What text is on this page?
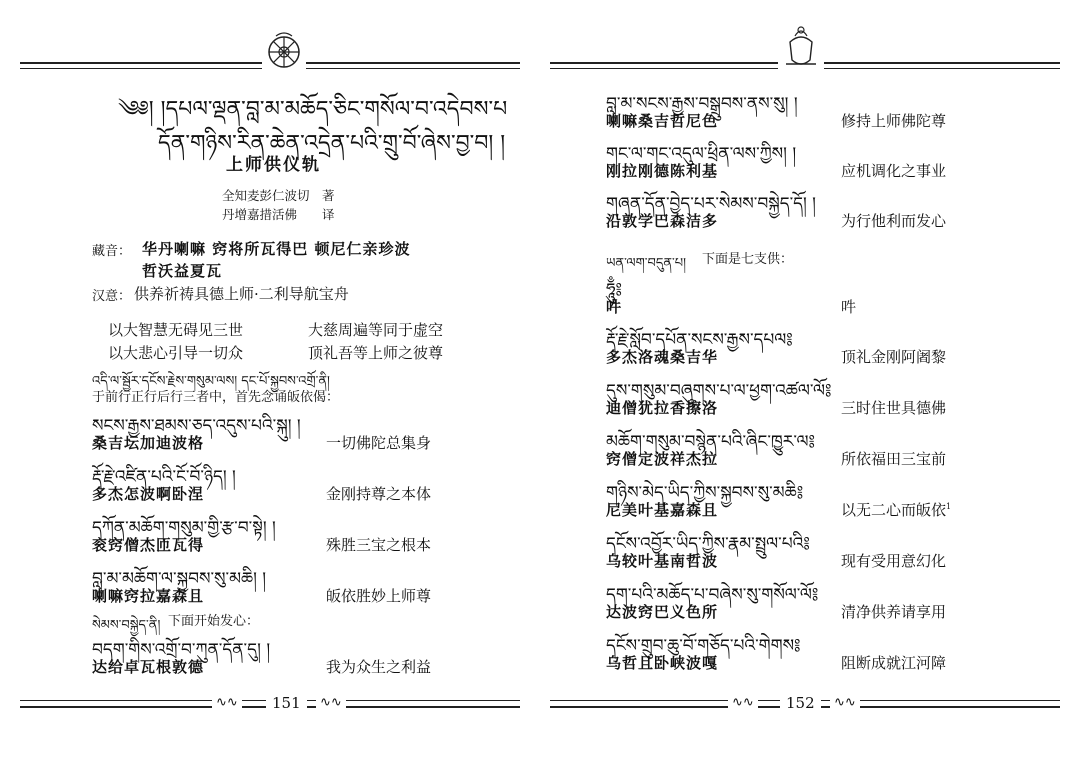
༄༅། །དཔལ་ལྡན་བླ་མ་མཆོད་ཅིང་གསོལ་བ་འདེབས་པ
དོན་གཉིས་རིན་ཆེན་འདྲེན་པའི་གྲུ་བོ་ཞེས་བྱ་བ། །
上师供仪轨
全知麦彭仁波切　著
丹增嘉措活佛　　译
藏音： 华丹喇嘛 窍将所瓦得巴 顿尼仁亲珍波
哲沃益夏瓦
汉意： 供养祈祷具德上师·二利导航宝舟
以大智慧无碍见三世	大慈周遍等同于虚空
以大悲心引导一切众	顶礼吾等上师之彼尊
འདི་ལ་སྦྱོར་དངོས་རྗེས་གསུམ་ལས། དང་པོ་སྐྱབས་འགྲོ་ནི།
于前行正行后行三者中，首先念诵皈依偈：
སངས་རྒྱས་ཐམས་ཅད་འདུས་པའི་སྐུ། །
桑吉坛加迪波格	一切佛陀总集身
རྡོ་རྗེ་འཛིན་པའི་ངོ་བོ་ཉིད། །
多杰怎波啊卧涅	金刚持尊之本体
དཀོན་མཆོག་གསུམ་གྱི་རྩ་བ་སྟེ། །
衮窍僧杰匝瓦得	殊胜三宝之根本
བླ་མ་མཆོག་ལ་སྐྱབས་སུ་མཆི། །
喇嘛窍拉嘉森且	皈依胜妙上师尊
སེམས་བསྐྱེད་ནི། 下面开始发心：
བདག་གིས་འགྲོ་བ་ཀུན་དོན་དུ། །
达给卓瓦根敦德	我为众生之利益
∿∿	151	∿∿
བླ་མ་སངས་རྒྱས་བསྒྲུབས་ནས་སུ། །
喇嘛桑吉哲尼色	修持上师佛陀尊
གང་ལ་གང་འདུལ་ཕྲིན་ལས་ཀྱིས། །
刚拉刚德陈利基	应机调化之事业
གཞན་དོན་བྱེད་པར་སེམས་བསྐྱེད་དོ། །
沿敦学巴森洁多	为行他利而发心
ཡན་ལག་བདུན་པ། 下面是七支供：
ཧཱུྃ༔
吽	吽
རྡོ་རྗེ་སློབ་དཔོན་སངས་རྒྱས་དཔལ༔
多杰洛魂桑吉华	顶礼金刚阿阇黎
དུས་གསུམ་བཞུགས་པ་ལ་ཕྱག་འཚལ་ལོ༔
迪僧犹拉香擦洛	三时住世具德佛
མཆོག་གསུམ་བསྙེན་པའི་ཞིང་ཁྱུར་ལ༔
窍僧定波祥杰拉	所依福田三宝前
གཉིས་མེད་ཡིད་ཀྱིས་སྐྱབས་སུ་མཆི༔
尼美叶基嘉森且	以无二心而皈依$^1$
དངོས་འབྱོར་ཡིད་ཀྱིས་རྣམ་སྤྲུལ་པའི༔
乌较叶基南哲波	现有受用意幻化
དག་པའི་མཆོད་པ་བཞེས་སུ་གསོལ་ལོ༔
达波窍巴义色所	清净供养请享用
དངོས་གྲུབ་ཆུ་བོ་གཅོད་པའི་གེགས༔
乌哲且卧峡波嘎	阻断成就江河障
∿∿	152	∿∿
